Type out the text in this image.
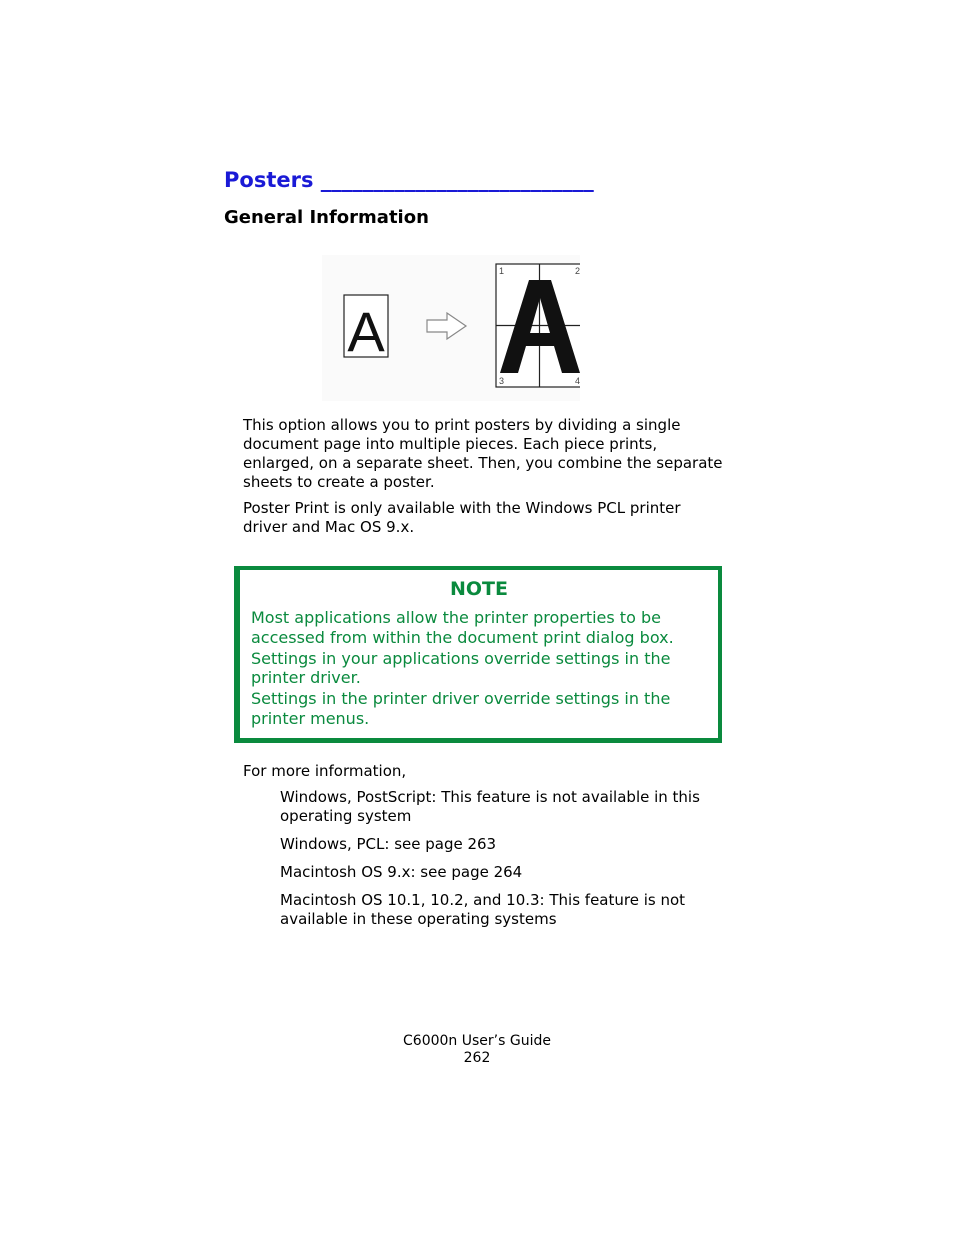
Posters __________________________
General Information
A
1	2
3	4
This option allows you to print posters by dividing a single document page into multiple pieces. Each piece prints, enlarged, on a separate sheet. Then, you combine the separate sheets to create a poster.
Poster Print is only available with the Windows PCL printer driver and Mac OS 9.x.
NOTE

Most applications allow the printer properties to be accessed from within the document print dialog box.

Settings in your applications override settings in the printer driver.

Settings in the printer driver override settings in the printer menus.

For more information,
Windows, PostScript: This feature is not available in this operating system
Windows, PCL: see page 263
Macintosh OS 9.x: see page 264
Macintosh OS 10.1, 10.2, and 10.3: This feature is not available in these operating systems
C6000n User’s Guide
262
